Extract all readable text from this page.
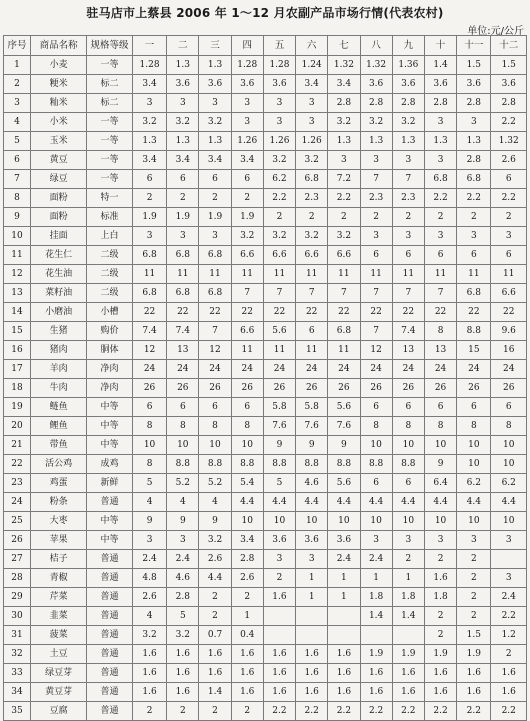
驻马店市上蔡县 2006 年 1～12 月农副产品市场行情(代表农村)
单位:元/公斤
序号	商品名称	规格等级	一	二	三	四	五	六	七	八	九	十	十一	十二
1	小麦	一等	1.28	1.3	1.3	1.28	1.28	1.24	1.32	1.32	1.36	1.4	1.5	1.5
2	粳米	标二	3.4	3.6	3.6	3.6	3.6	3.4	3.4	3.6	3.6	3.6	3.6	3.6
3	籼米	标二	3	3	3	3	3	3	2.8	2.8	2.8	2.8	2.8	2.8
4	小米	一等	3.2	3.2	3.2	3	3	3	3.2	3.2	3.2	3	3	2.2
5	玉米	一等	1.3	1.3	1.3	1.26	1.26	1.26	1.3	1.3	1.3	1.3	1.3	1.32
6	黄豆	一等	3.4	3.4	3.4	3.4	3.2	3.2	3	3	3	3	2.8	2.6
7	绿豆	一等	6	6	6	6	6.2	6.8	7.2	7	7	6.8	6.8	6
8	面粉	特一	2	2	2	2	2.2	2.3	2.2	2.3	2.3	2.2	2.2	2.2
9	面粉	标准	1.9	1.9	1.9	1.9	2	2	2	2	2	2	2	2
10	挂面	上白	3	3	3	3.2	3.2	3.2	3.2	3	3	3	3	3
11	花生仁	二级	6.8	6.8	6.8	6.6	6.6	6.6	6.6	6	6	6	6	6
12	花生油	二级	11	11	11	11	11	11	11	11	11	11	11	11
13	菜籽油	二级	6.8	6.8	6.8	7	7	7	7	7	7	7	6.8	6.6
14	小磨油	小槽	22	22	22	22	22	22	22	22	22	22	22	22
15	生猪	购价	7.4	7.4	7	6.6	5.6	6	6.8	7	7.4	8	8.8	9.6
16	猪肉	胴体	12	13	12	11	11	11	11	12	13	13	15	16
17	羊肉	净肉	24	24	24	24	24	24	24	24	24	24	24	24
18	牛肉	净肉	26	26	26	26	26	26	26	26	26	26	26	26
19	鲢鱼	中等	6	6	6	6	5.8	5.8	5.6	6	6	6	6	6
20	鲤鱼	中等	8	8	8	8	7.6	7.6	7.6	8	8	8	8	8
21	带鱼	中等	10	10	10	10	9	9	9	10	10	10	10	10
22	活公鸡	成鸡	8	8.8	8.8	8.8	8.8	8.8	8.8	8.8	8.8	9	10	10
23	鸡蛋	新鲜	5	5.2	5.2	5.4	5	4.6	5.6	6	6	6.4	6.2	6.2
24	粉条	普通	4	4	4	4.4	4.4	4.4	4.4	4.4	4.4	4.4	4.4	4.4
25	大枣	中等	9	9	9	10	10	10	10	10	10	10	10	10
26	苹果	中等	3	3	3.2	3.4	3.6	3.6	3.6	3	3	3	3	3
27	桔子	普通	2.4	2.4	2.6	2.8	3	3	2.4	2.4	2	2	2	
28	青椒	普通	4.8	4.6	4.4	2.6	2	1	1	1	1	1.6	2	3
29	芹菜	普通	2.6	2.8	2	2	1.6	1	1	1.8	1.8	1.8	2	2.4
30	韭菜	普通	4	5	2	1				1.4	1.4	2	2	2.2
31	菠菜	普通	3.2	3.2	0.7	0.4						2	1.5	1.2
32	土豆	普通	1.6	1.6	1.6	1.6	1.6	1.6	1.6	1.9	1.9	1.9	1.9	2
33	绿豆芽	普通	1.6	1.6	1.6	1.6	1.6	1.6	1.6	1.6	1.6	1.6	1.6	1.6
34	黄豆芽	普通	1.6	1.6	1.4	1.6	1.6	1.6	1.6	1.6	1.6	1.6	1.6	1.6
35	豆腐	普通	2	2	2	2	2.2	2.2	2.2	2.2	2.2	2.2	2.2	2.2
